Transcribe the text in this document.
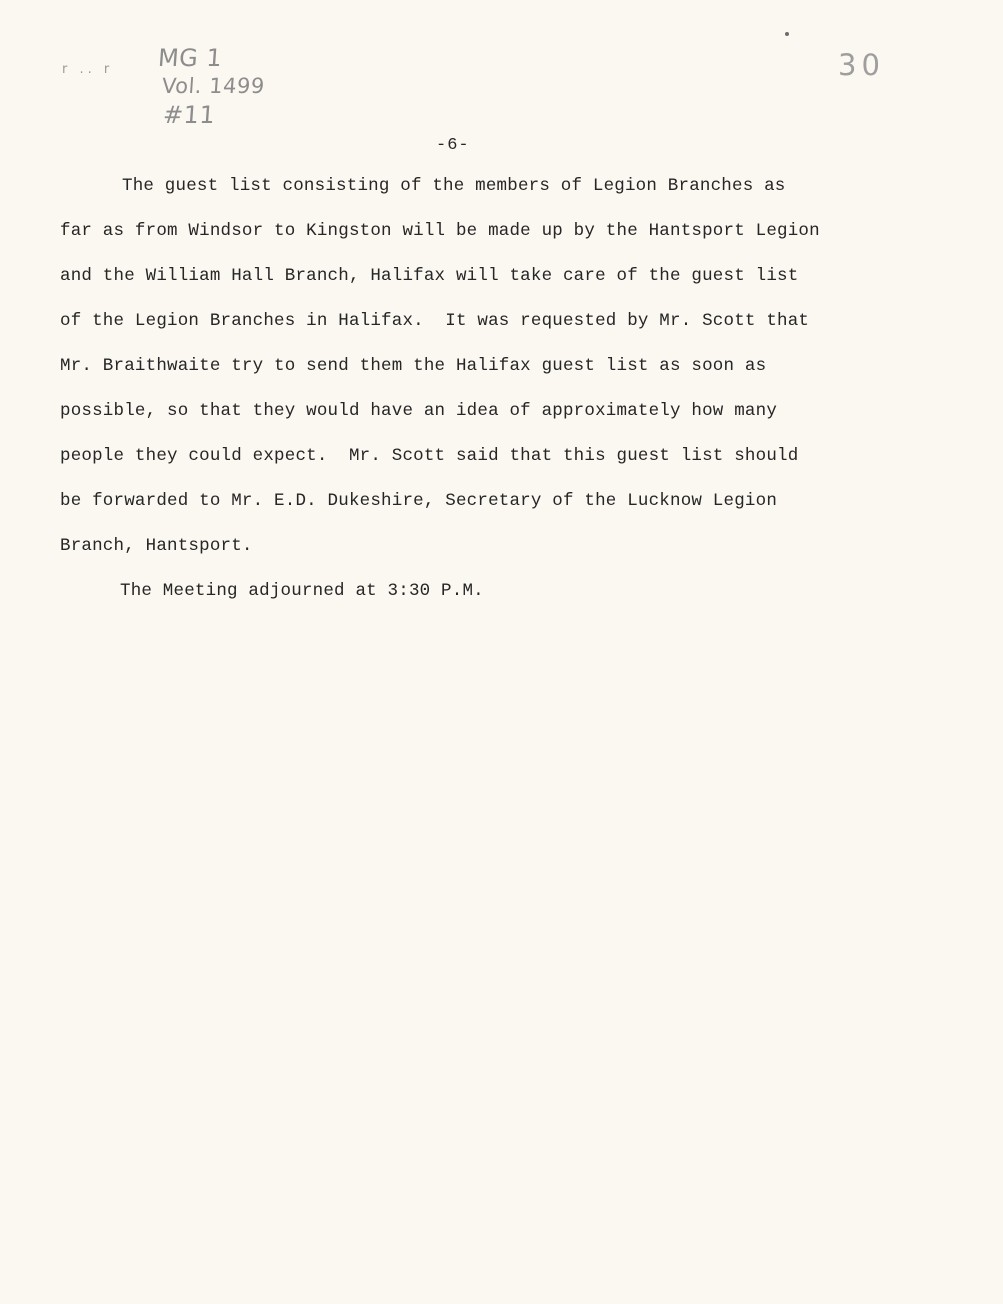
r .. r MG 1
Vol. 1499
#11
30
-6-
The guest list consisting of the members of Legion Branches as
far as from Windsor to Kingston will be made up by the Hantsport Legion
and the William Hall Branch, Halifax will take care of the guest list
of the Legion Branches in Halifax.  It was requested by Mr. Scott that
Mr. Braithwaite try to send them the Halifax guest list as soon as
possible, so that they would have an idea of approximately how many
people they could expect.  Mr. Scott said that this guest list should
be forwarded to Mr. E.D. Dukeshire, Secretary of the Lucknow Legion
Branch, Hantsport.
The Meeting adjourned at 3:30 P.M.
